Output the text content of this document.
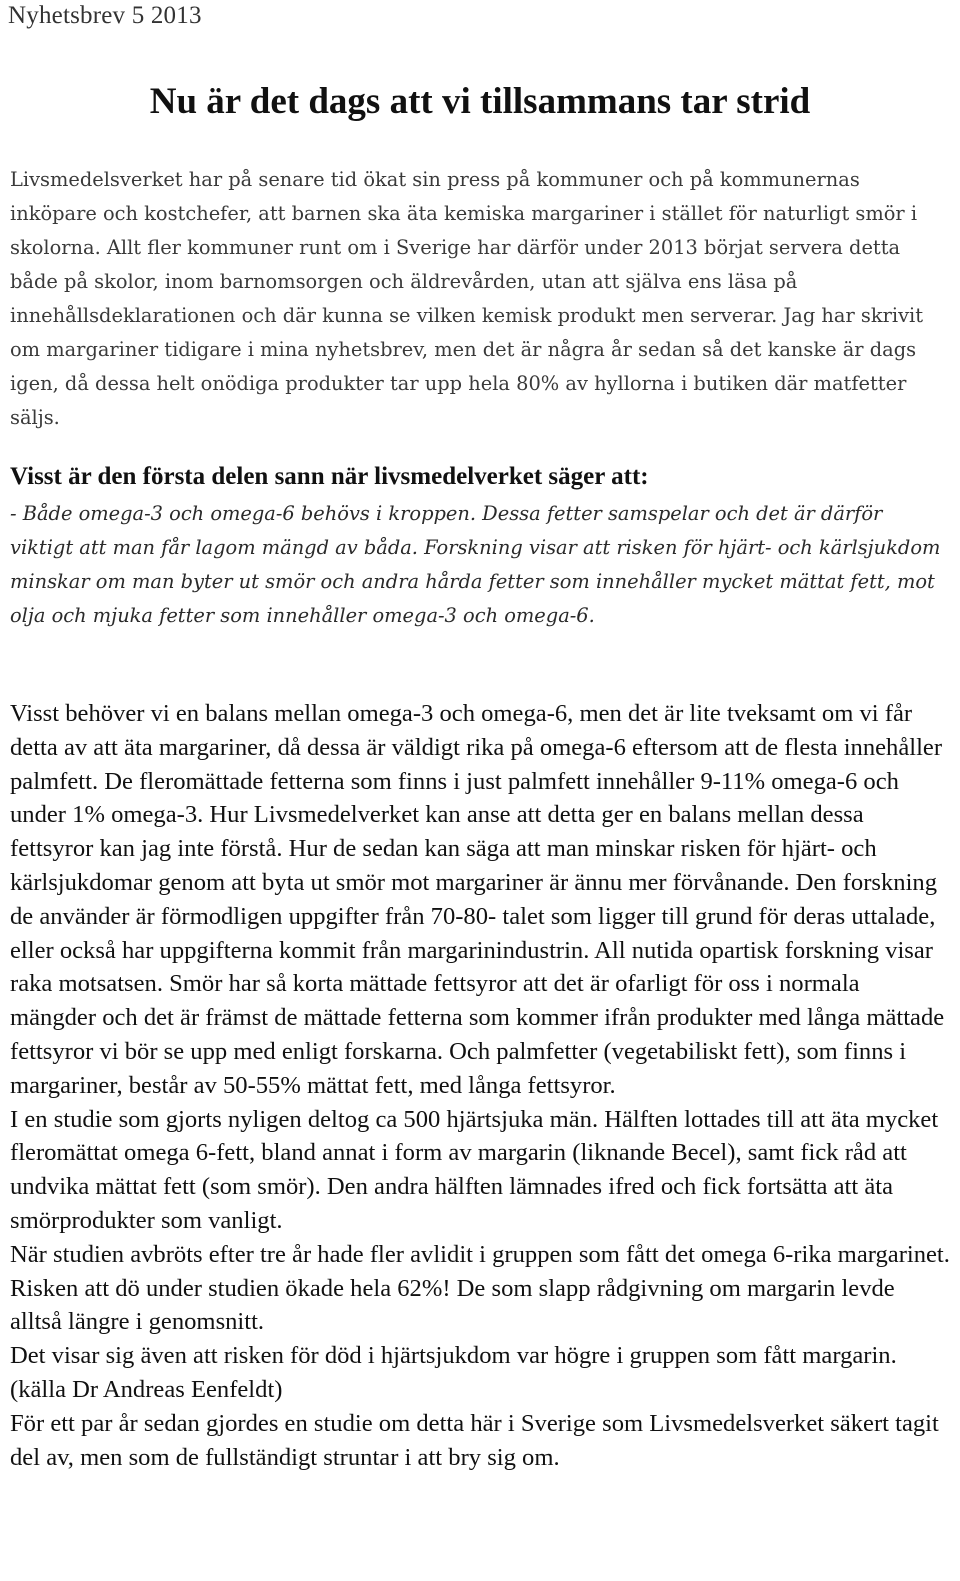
Nyhetsbrev 5 2013
Nu är det dags att vi tillsammans tar strid

Livsmedelsverket har på senare tid ökat sin press på kommuner och på kommunernas inköpare och kostchefer, att barnen ska äta kemiska margariner i stället för naturligt smör i skolorna. Allt fler kommuner runt om i Sverige har därför under 2013 börjat servera detta både på skolor, inom barnomsorgen och äldrevården, utan att själva ens läsa på innehållsdeklarationen och där kunna se vilken kemisk produkt men serverar. Jag har skrivit om margariner tidigare i mina nyhetsbrev, men det är några år sedan så det kanske är dags igen, då dessa helt onödiga produkter tar upp hela 80% av hyllorna i butiken där matfetter säljs.

Visst är den första delen sann när livsmedelverket säger att:

- Både omega-3 och omega-6 behövs i kroppen. Dessa fetter samspelar och det är därför viktigt att man får lagom mängd av båda. Forskning visar att risken för hjärt- och kärlsjukdom minskar om man byter ut smör och andra hårda fetter som innehåller mycket mättat fett, mot olja och mjuka fetter som innehåller omega-3 och omega-6.

Visst behöver vi en balans mellan omega-3 och omega-6, men det är lite tveksamt om vi får detta av att äta margariner, då dessa är väldigt rika på omega-6 eftersom att de flesta innehåller palmfett. De fleromättade fetterna som finns i just palmfett innehåller 9-11% omega-6 och under 1% omega-3. Hur Livsmedelverket kan anse att detta ger en balans mellan dessa fettsyror kan jag inte förstå. Hur de sedan kan säga att man minskar risken för hjärt- och kärlsjukdomar genom att byta ut smör mot margariner är ännu mer förvånande. Den forskning de använder är förmodligen uppgifter från 70-80- talet som ligger till grund för deras uttalade, eller också har uppgifterna kommit från margarinindustrin. All nutida opartisk forskning visar raka motsatsen. Smör har så korta mättade fettsyror att det är ofarligt för oss i normala mängder och det är främst de mättade fetterna som kommer ifrån produkter med långa mättade fettsyror vi bör se upp med enligt forskarna. Och palmfetter (vegetabiliskt fett), som finns i margariner, består av 50-55% mättat fett, med långa fettsyror.
I en studie som gjorts nyligen deltog ca 500 hjärtsjuka män. Hälften lottades till att äta mycket fleromättat omega 6-fett, bland annat i form av margarin (liknande Becel), samt fick råd att undvika mättat fett (som smör). Den andra hälften lämnades ifred och fick fortsätta att äta smörprodukter som vanligt.
När studien avbröts efter tre år hade fler avlidit i gruppen som fått det omega 6-rika margarinet. Risken att dö under studien ökade hela 62%! De som slapp rådgivning om margarin levde alltså längre i genomsnitt.
Det visar sig även att risken för död i hjärtsjukdom var högre i gruppen som fått margarin. (källa Dr Andreas Eenfeldt)
För ett par år sedan gjordes en studie om detta här i Sverige som Livsmedelsverket säkert tagit del av, men som de fullständigt struntar i att bry sig om.
